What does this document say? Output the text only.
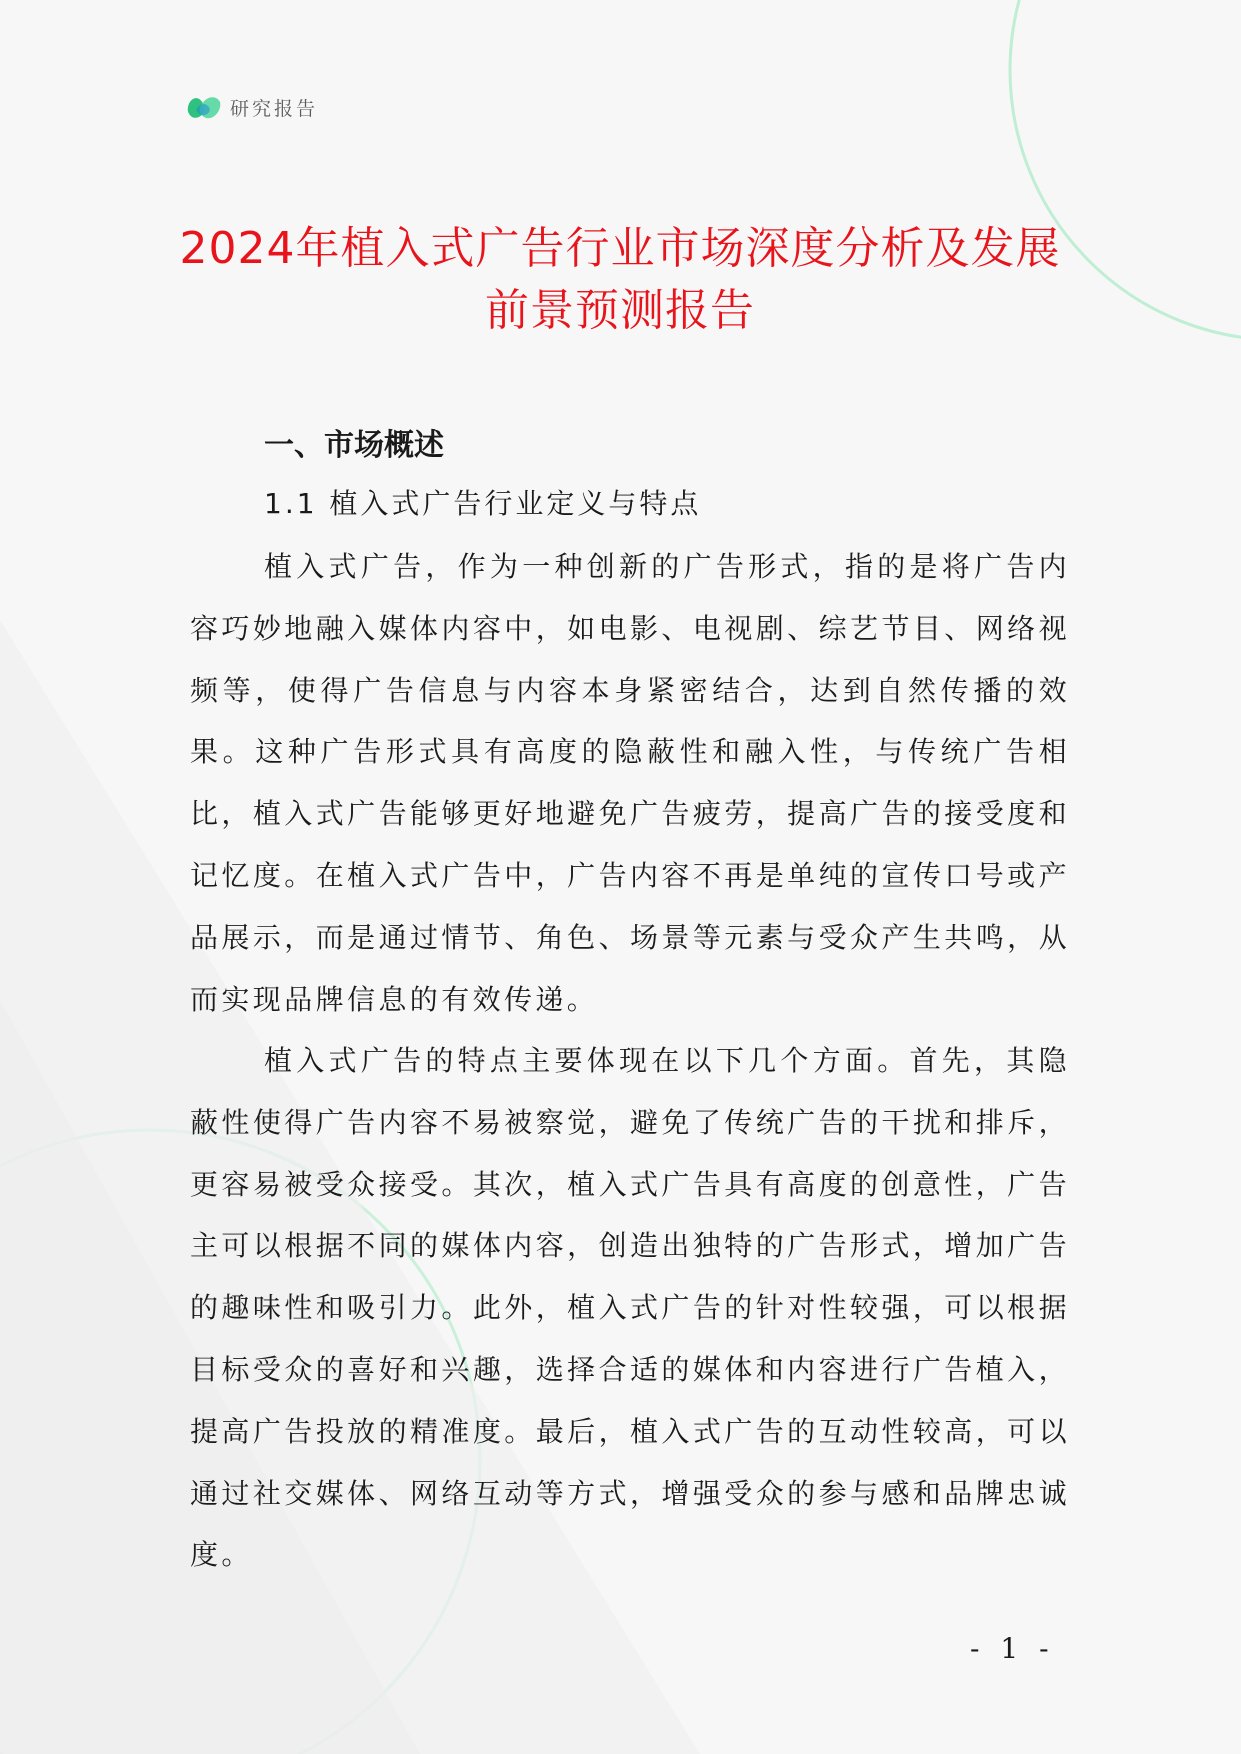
研究报告
2024年植入式广告行业市场深度分析及发展前景预测报告
一、市场概述
1.1 植入式广告行业定义与特点

植入式广告，作为一种创新的广告形式，指的是将广告内容巧妙地融入媒体内容中，如电影、电视剧、综艺节目、网络视频等，使得广告信息与内容本身紧密结合，达到自然传播的效果。这种广告形式具有高度的隐蔽性和融入性，与传统广告相比，植入式广告能够更好地避免广告疲劳，提高广告的接受度和记忆度。在植入式广告中，广告内容不再是单纯的宣传口号或产品展示，而是通过情节、角色、场景等元素与受众产生共鸣，从而实现品牌信息的有效传递。

植入式广告的特点主要体现在以下几个方面。首先，其隐蔽性使得广告内容不易被察觉，避免了传统广告的干扰和排斥，更容易被受众接受。其次，植入式广告具有高度的创意性，广告主可以根据不同的媒体内容，创造出独特的广告形式，增加广告的趣味性和吸引力。此外，植入式广告的针对性较强，可以根据目标受众的喜好和兴趣，选择合适的媒体和内容进行广告植入，提高广告投放的精准度。最后，植入式广告的互动性较高，可以通过社交媒体、网络互动等方式，增强受众的参与感和品牌忠诚度。

- 1 -
